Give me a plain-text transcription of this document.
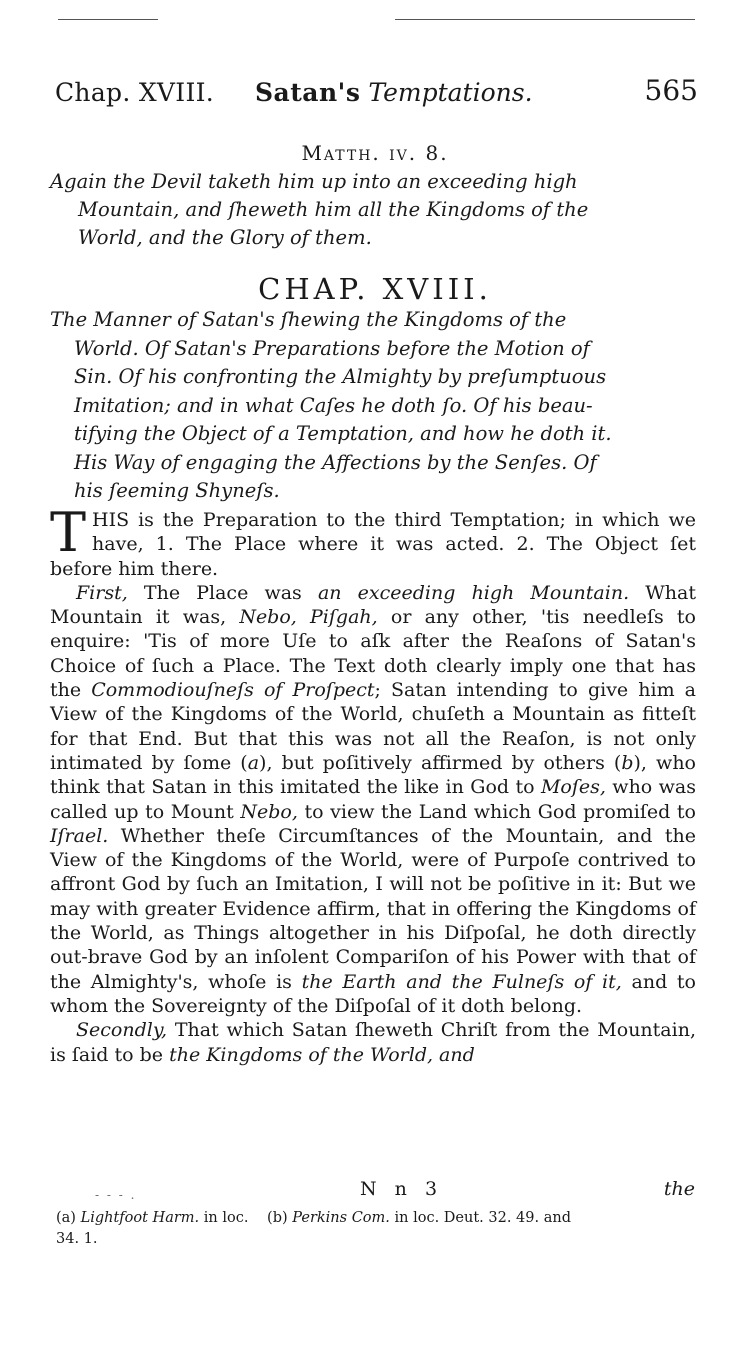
Chap. XVIII. Satan's Temptations.	565
Matth. iv. 8.
Again the Devil taketh him up into an exceeding high
Mountain, and ſheweth him all the Kingdoms of the
World, and the Glory of them.
CHAP. XVIII.
The Manner of Satan's ſhewing the Kingdoms of the
World. Of Satan's Preparations before the Motion of
Sin. Of his confronting the Almighty by preſumptuous
Imitation; and in what Caſes he doth ſo. Of his beau-
tifying the Object of a Temptation, and how he doth it.
His Way of engaging the Affections by the Senſes. Of
his ſeeming Shyneſs.

THIS is the Preparation to the third Temptation; in which we have, 1. The Place where it was acted. 2. The Object ſet before him there.

First, The Place was an exceeding high Mountain. What Mountain it was, Nebo, Piſgah, or any other, 'tis needleſs to enquire: 'Tis of more Uſe to aſk after the Reaſons of Satan's Choice of ſuch a Place. The Text doth clearly imply one that has the Commodiouſneſs of Proſpect; Satan intending to give him a View of the Kingdoms of the World, chuſeth a Mountain as fitteſt for that End. But that this was not all the Reaſon, is not only intimated by ſome (a), but poſitively affirmed by others (b), who think that Satan in this imitated the like in God to Moſes, who was called up to Mount Nebo, to view the Land which God promiſed to Iſrael. Whether theſe Circumſtances of the Mountain, and the View of the Kingdoms of the World, were of Purpoſe contrived to affront God by ſuch an Imitation, I will not be poſitive in it: But we may with greater Evidence affirm, that in offering the Kingdoms of the World, as Things altogether in his Diſpoſal, he doth directly out-brave God by an inſolent Compariſon of his Power with that of the Almighty's, whoſe is the Earth and the Fulneſs of it, and to whom the Sovereignty of the Diſpoſal of it doth belong.

Secondly, That which Satan ſheweth Chriſt from the Mountain, is ſaid to be the Kingdoms of the World, and

- - - .	N n 3	the
(a) Lightfoot Harm. in loc. (b) Perkins Com. in loc. Deut. 32. 49. and
34. 1.
